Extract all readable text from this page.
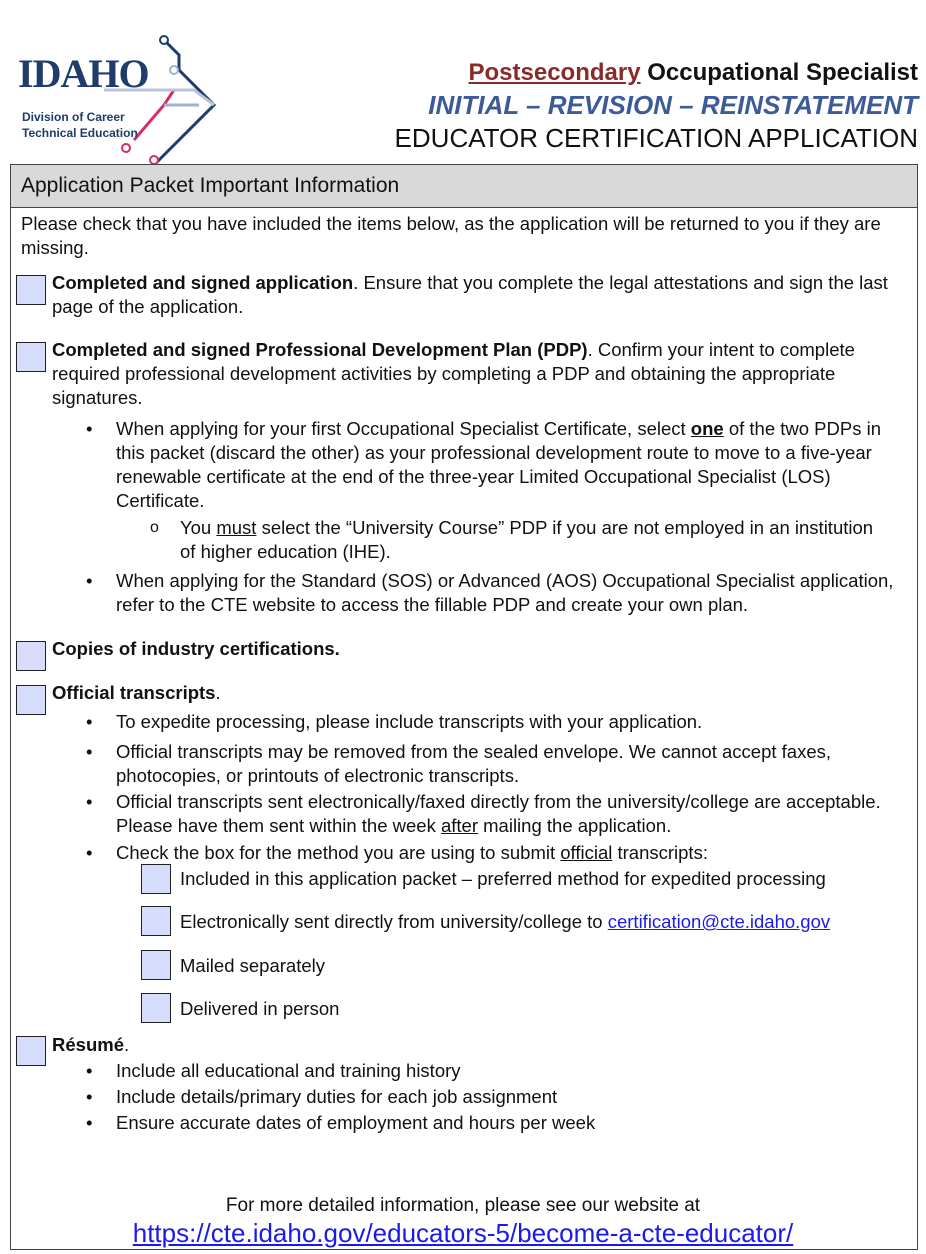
IDAHO
Division of Career
Technical Education
Postsecondary Occupational Specialist
INITIAL – REVISION – REINSTATEMENT
EDUCATOR CERTIFICATION APPLICATION
Application Packet Important Information
Please check that you have included the items below, as the application will be returned to you if they are missing.
Completed and signed application. Ensure that you complete the legal attestations and sign the last page of the application.
Completed and signed Professional Development Plan (PDP). Confirm your intent to complete required professional development activities by completing a PDP and obtaining the appropriate signatures.
• When applying for your first Occupational Specialist Certificate, select one of the two PDPs in this packet (discard the other) as your professional development route to move to a five-year renewable certificate at the end of the three-year Limited Occupational Specialist (LOS) Certificate.
o You must select the “University Course” PDP if you are not employed in an institution of higher education (IHE).
• When applying for the Standard (SOS) or Advanced (AOS) Occupational Specialist application, refer to the CTE website to access the fillable PDP and create your own plan.
Copies of industry certifications.
Official transcripts.
• To expedite processing, please include transcripts with your application.
• Official transcripts may be removed from the sealed envelope. We cannot accept faxes, photocopies, or printouts of electronic transcripts.
• Official transcripts sent electronically/faxed directly from the university/college are acceptable. Please have them sent within the week after mailing the application.
• Check the box for the method you are using to submit official transcripts:
Included in this application packet – preferred method for expedited processing
Electronically sent directly from university/college to certification@cte.idaho.gov
Mailed separately
Delivered in person
Résumé.
• Include all educational and training history
• Include details/primary duties for each job assignment
• Ensure accurate dates of employment and hours per week
For more detailed information, please see our website at
https://cte.idaho.gov/educators-5/become-a-cte-educator/
